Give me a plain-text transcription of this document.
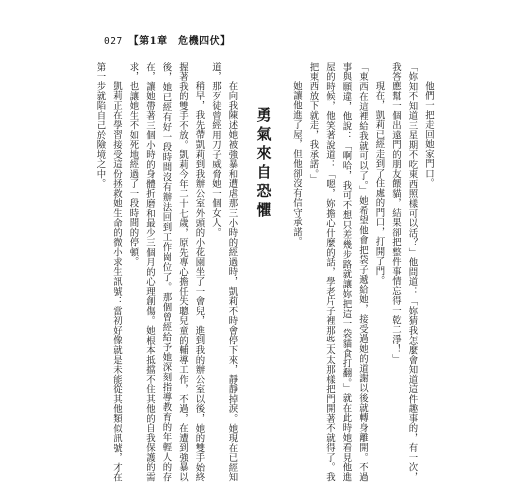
027 【第1章　危機四伏】

他們一把走回她家門口。

「妳知不知道三星期不吃東西照樣可以活？」他問道：「妳猜我怎麼會知道這件趣事的，有一次，我答應幫一個出遠門的朋友餵貓，結果卻把整件事情忘得一乾二淨！」

現在，凱莉已經走到了住處的門口，打開了門。

「東西在這裡給我就可以了。」她希望他會把袋子遞給她，接受過她的道謝以後就轉身離開。不過事與願違，他說：「啊哈，我可不想只差幾步路就讓妳把這一袋貓食打翻。」就在此時她看見他進屋的時候，他笑著說道：「嗯，妳擔心什麼的話，學老片子裡那些太太那樣把門開著不就得了。我把東西放下就走，我承諾。」

她讓他進了屋，但他卻沒有信守承諾。

勇氣來自恐懼

在向我陳述她被強暴和遭虐那三小時的經過時，凱莉不時會停下來，靜靜掉淚。她現在已經知道，那歹徒曾經用刀子威脅她一個女人。

稍早，我先帶凱莉到我辦公室外頭的小花園坐了一會兒，進到我的辦公室以後，她的雙手始終握著我的雙手不放。凱莉今年二十七歲，原先專心擔任失聰兒童的輔導工作，不過，在遭到強暴以後，她已經有好一段時間沒有辦法回到工作崗位了。那個曾經給予她深刻指導教育的年輕人的存在，讓她帶著三個小時的身體折磨和最少三個月的心理創傷。她根本抵擋不住其他的自我保護的需求，也讓她生不如死地經過了一段時間的停頓。

凱莉正在學習接受這份拯救她生命的微小求生訊號：當初好像就是未能從其他類似訊號，才在第一步就陷自己於險境之中。
